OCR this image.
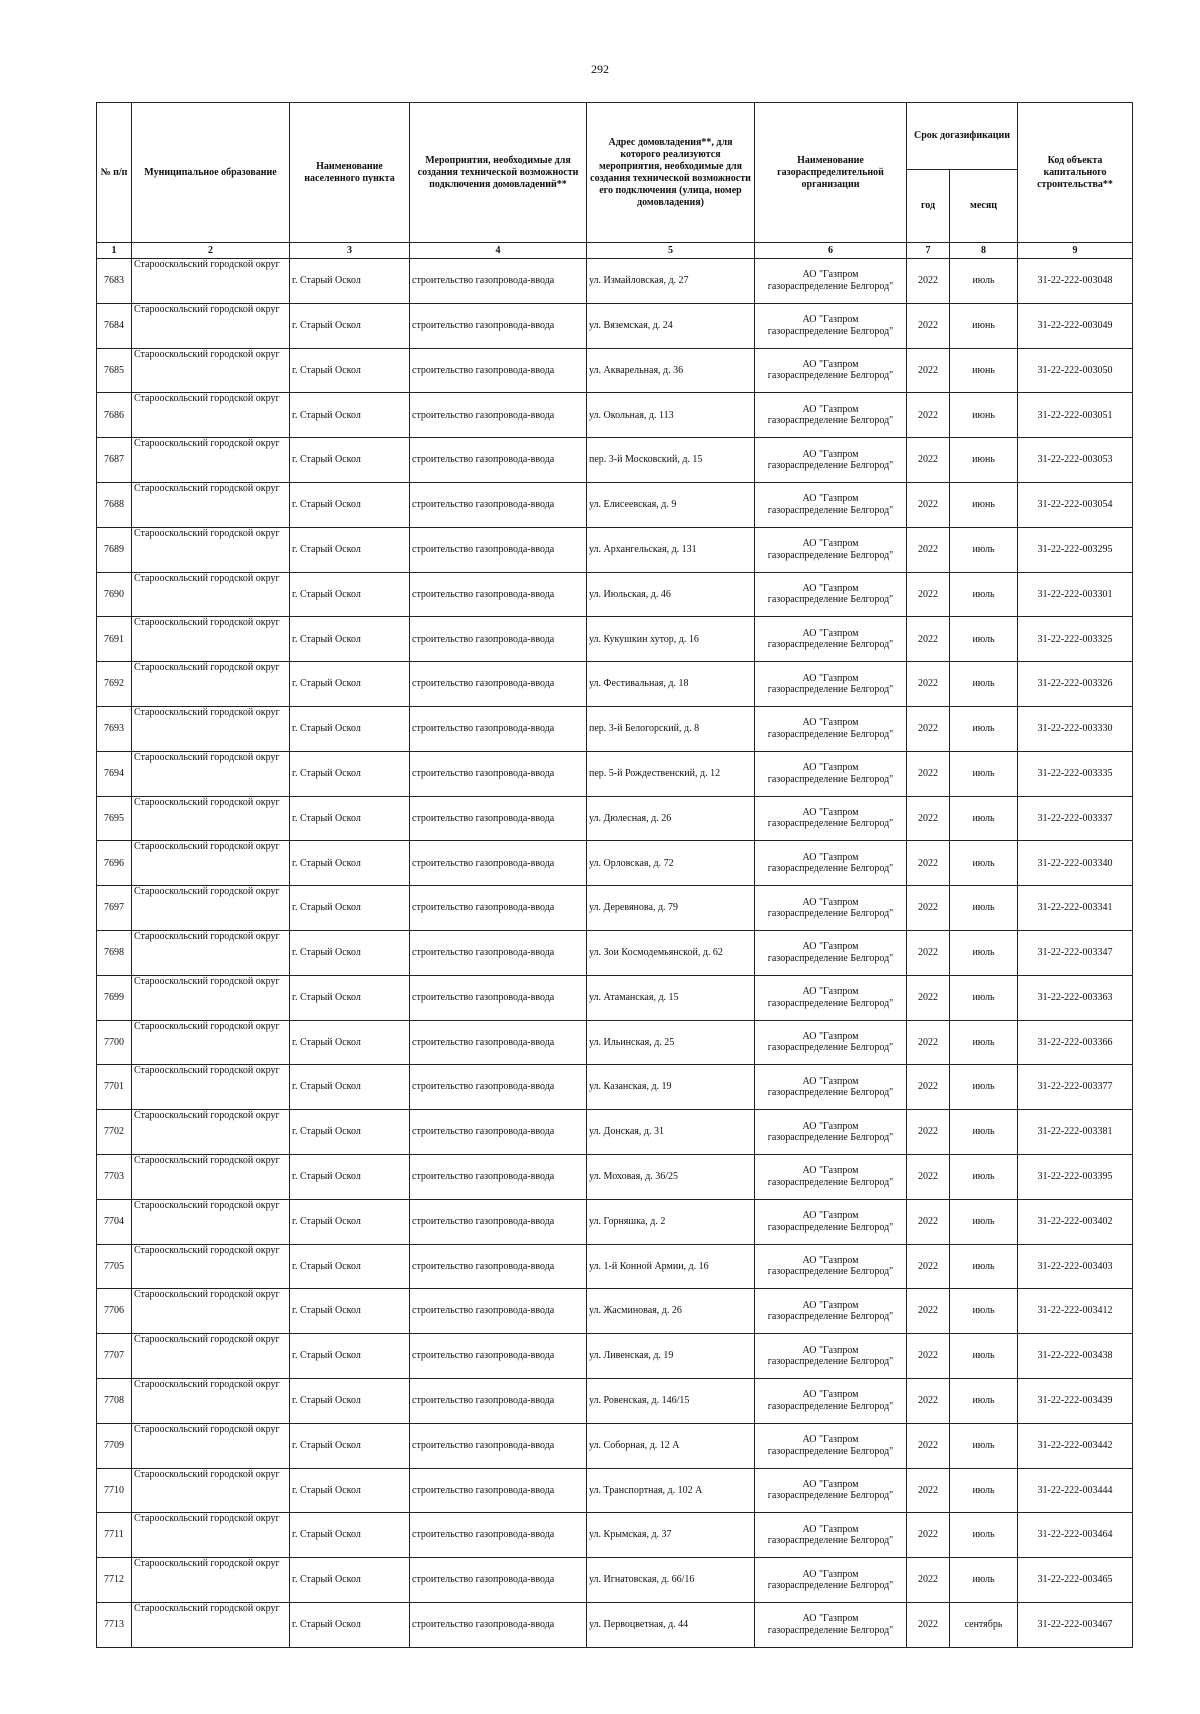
292
№ п/п	Муниципальное образование	Наименование населенного пункта	Мероприятия, необходимые для создания технической возможности подключения домовладений**	Адрес домовладения**, для которого реализуются мероприятия, необходимые для создания технической возможности его подключения (улица, номер домовладения)	Наименование газораспределительной организации	Срок догазификации		Код объекта капитального строительства**
						год	месяц	
1	2	3	4	5	6	7	8	9
7683	Старооскольский городской округ	г. Старый Оскол	строительство газопровода-ввода	ул. Измайловская, д. 27	АО "Газпром
газораспределение Белгород"	2022	июль	31-22-222-003048
7684	Старооскольский городской округ	г. Старый Оскол	строительство газопровода-ввода	ул. Вяземская, д. 24	АО "Газпром
газораспределение Белгород"	2022	июнь	31-22-222-003049
7685	Старооскольский городской округ	г. Старый Оскол	строительство газопровода-ввода	ул. Акварельная, д. 36	АО "Газпром
газораспределение Белгород"	2022	июнь	31-22-222-003050
7686	Старооскольский городской округ	г. Старый Оскол	строительство газопровода-ввода	ул. Окольная, д. 113	АО "Газпром
газораспределение Белгород"	2022	июнь	31-22-222-003051
7687	Старооскольский городской округ	г. Старый Оскол	строительство газопровода-ввода	пер. 3-й Московский, д. 15	АО "Газпром
газораспределение Белгород"	2022	июнь	31-22-222-003053
7688	Старооскольский городской округ	г. Старый Оскол	строительство газопровода-ввода	ул. Елисеевская, д. 9	АО "Газпром
газораспределение Белгород"	2022	июнь	31-22-222-003054
7689	Старооскольский городской округ	г. Старый Оскол	строительство газопровода-ввода	ул. Архангельская, д. 131	АО "Газпром
газораспределение Белгород"	2022	июль	31-22-222-003295
7690	Старооскольский городской округ	г. Старый Оскол	строительство газопровода-ввода	ул. Июльская, д. 46	АО "Газпром
газораспределение Белгород"	2022	июль	31-22-222-003301
7691	Старооскольский городской округ	г. Старый Оскол	строительство газопровода-ввода	ул. Кукушкин хутор, д. 16	АО "Газпром
газораспределение Белгород"	2022	июль	31-22-222-003325
7692	Старооскольский городской округ	г. Старый Оскол	строительство газопровода-ввода	ул. Фестивальная, д. 18	АО "Газпром
газораспределение Белгород"	2022	июль	31-22-222-003326
7693	Старооскольский городской округ	г. Старый Оскол	строительство газопровода-ввода	пер. 3-й Белогорский, д. 8	АО "Газпром
газораспределение Белгород"	2022	июль	31-22-222-003330
7694	Старооскольский городской округ	г. Старый Оскол	строительство газопровода-ввода	пер. 5-й Рождественский, д. 12	АО "Газпром
газораспределение Белгород"	2022	июль	31-22-222-003335
7695	Старооскольский городской округ	г. Старый Оскол	строительство газопровода-ввода	ул. Дюлесная, д. 26	АО "Газпром
газораспределение Белгород"	2022	июль	31-22-222-003337
7696	Старооскольский городской округ	г. Старый Оскол	строительство газопровода-ввода	ул. Орловская, д. 72	АО "Газпром
газораспределение Белгород"	2022	июль	31-22-222-003340
7697	Старооскольский городской округ	г. Старый Оскол	строительство газопровода-ввода	ул. Деревянова, д. 79	АО "Газпром
газораспределение Белгород"	2022	июль	31-22-222-003341
7698	Старооскольский городской округ	г. Старый Оскол	строительство газопровода-ввода	ул. Зои Космодемьянской, д. 62	АО "Газпром
газораспределение Белгород"	2022	июль	31-22-222-003347
7699	Старооскольский городской округ	г. Старый Оскол	строительство газопровода-ввода	ул. Атаманская, д. 15	АО "Газпром
газораспределение Белгород"	2022	июль	31-22-222-003363
7700	Старооскольский городской округ	г. Старый Оскол	строительство газопровода-ввода	ул. Ильинская, д. 25	АО "Газпром
газораспределение Белгород"	2022	июль	31-22-222-003366
7701	Старооскольский городской округ	г. Старый Оскол	строительство газопровода-ввода	ул. Казанская, д. 19	АО "Газпром
газораспределение Белгород"	2022	июль	31-22-222-003377
7702	Старооскольский городской округ	г. Старый Оскол	строительство газопровода-ввода	ул. Донская, д. 31	АО "Газпром
газораспределение Белгород"	2022	июль	31-22-222-003381
7703	Старооскольский городской округ	г. Старый Оскол	строительство газопровода-ввода	ул. Моховая, д. 36/25	АО "Газпром
газораспределение Белгород"	2022	июль	31-22-222-003395
7704	Старооскольский городской округ	г. Старый Оскол	строительство газопровода-ввода	ул. Горняшка, д. 2	АО "Газпром
газораспределение Белгород"	2022	июль	31-22-222-003402
7705	Старооскольский городской округ	г. Старый Оскол	строительство газопровода-ввода	ул. 1-й Конной Армии, д. 16	АО "Газпром
газораспределение Белгород"	2022	июль	31-22-222-003403
7706	Старооскольский городской округ	г. Старый Оскол	строительство газопровода-ввода	ул. Жасминовая, д. 26	АО "Газпром
газораспределение Белгород"	2022	июль	31-22-222-003412
7707	Старооскольский городской округ	г. Старый Оскол	строительство газопровода-ввода	ул. Ливенская, д. 19	АО "Газпром
газораспределение Белгород"	2022	июль	31-22-222-003438
7708	Старооскольский городской округ	г. Старый Оскол	строительство газопровода-ввода	ул. Ровенская, д. 146/15	АО "Газпром
газораспределение Белгород"	2022	июль	31-22-222-003439
7709	Старооскольский городской округ	г. Старый Оскол	строительство газопровода-ввода	ул. Соборная, д. 12 А	АО "Газпром
газораспределение Белгород"	2022	июль	31-22-222-003442
7710	Старооскольский городской округ	г. Старый Оскол	строительство газопровода-ввода	ул. Транспортная, д. 102 А	АО "Газпром
газораспределение Белгород"	2022	июль	31-22-222-003444
7711	Старооскольский городской округ	г. Старый Оскол	строительство газопровода-ввода	ул. Крымская, д. 37	АО "Газпром
газораспределение Белгород"	2022	июль	31-22-222-003464
7712	Старооскольский городской округ	г. Старый Оскол	строительство газопровода-ввода	ул. Игнатовская, д. 66/16	АО "Газпром
газораспределение Белгород"	2022	июль	31-22-222-003465
7713	Старооскольский городской округ	г. Старый Оскол	строительство газопровода-ввода	ул. Первоцветная, д. 44	АО "Газпром
газораспределение Белгород"	2022	сентябрь	31-22-222-003467
